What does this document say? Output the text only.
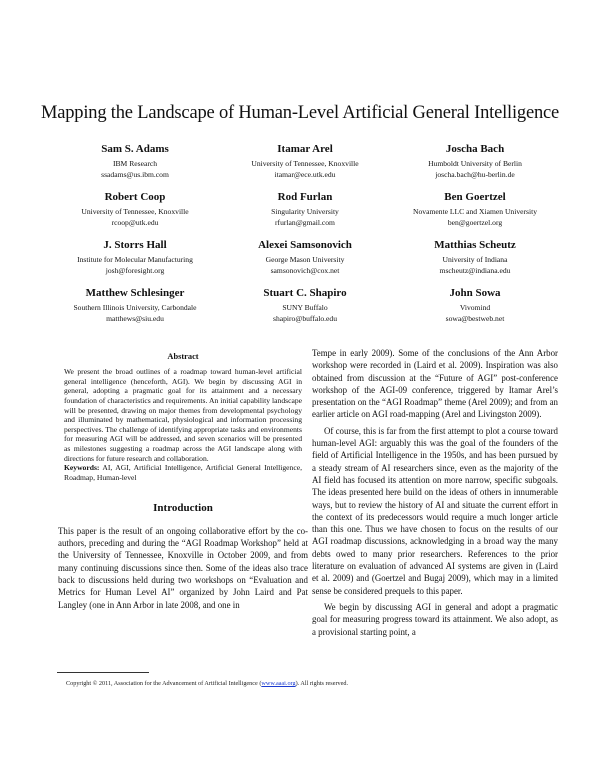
Mapping the Landscape of Human-Level Artificial General Intelligence
Sam S. Adams
IBM Research
ssadams@us.ibm.com
Itamar Arel
University of Tennessee, Knoxville
itamar@ece.utk.edu
Joscha Bach
Humboldt University of Berlin
joscha.bach@hu-berlin.de
Robert Coop
University of Tennessee, Knoxville
rcoop@utk.edu
Rod Furlan
Singularity University
rfurlan@gmail.com
Ben Goertzel
Novamente LLC and Xiamen University
ben@goertzel.org
J. Storrs Hall
Institute for Molecular Manufacturing
josh@foresight.org
Alexei Samsonovich
George Mason University
samsonovich@cox.net
Matthias Scheutz
University of Indiana
mscheutz@indiana.edu
Matthew Schlesinger
Southern Illinois University, Carbondale
matthews@siu.edu
Stuart C. Shapiro
SUNY Buffalo
shapiro@buffalo.edu
John Sowa
Vivomind
sowa@bestweb.net
Abstract

We present the broad outlines of a roadmap toward human-level artificial general intelligence (henceforth, AGI). We begin by discussing AGI in general, adopting a pragmatic goal for its attainment and a necessary foundation of characteristics and requirements. An initial capability landscape will be presented, drawing on major themes from developmental psychology and illuminated by mathematical, physiological and information processing perspectives. The challenge of identifying appropriate tasks and environments for measuring AGI will be addressed, and seven scenarios will be presented as milestones suggesting a roadmap across the AGI landscape along with directions for future research and collaboration.

Keywords: AI, AGI, Artificial Intelligence, Artificial General Intelligence, Roadmap, Human-level

Introduction

This paper is the result of an ongoing collaborative effort by the co-authors, preceding and during the “AGI Roadmap Workshop” held at the University of Tennessee, Knoxville in October 2009, and from many continuing discussions since then. Some of the ideas also trace back to discussions held during two workshops on “Evaluation and Metrics for Human Level AI” organized by John Laird and Pat Langley (one in Ann Arbor in late 2008, and one in

Tempe in early 2009). Some of the conclusions of the Ann Arbor workshop were recorded in (Laird et al. 2009). Inspiration was also obtained from discussion at the “Future of AGI” post-conference workshop of the AGI-09 conference, triggered by Itamar Arel’s presentation on the “AGI Roadmap” theme (Arel 2009); and from an earlier article on AGI road-mapping (Arel and Livingston 2009).

Of course, this is far from the first attempt to plot a course toward human-level AGI: arguably this was the goal of the founders of the field of Artificial Intelligence in the 1950s, and has been pursued by a steady stream of AI researchers since, even as the majority of the AI field has focused its attention on more narrow, specific subgoals. The ideas presented here build on the ideas of others in innumerable ways, but to review the history of AI and situate the current effort in the context of its predecessors would require a much longer article than this one. Thus we have chosen to focus on the results of our AGI roadmap discussions, acknowledging in a broad way the many debts owed to many prior researchers. References to the prior literature on evaluation of advanced AI systems are given in (Laird et al. 2009) and (Goertzel and Bugaj 2009), which may in a limited sense be considered prequels to this paper.

We begin by discussing AGI in general and adopt a pragmatic goal for measuring progress toward its attainment. We also adopt, as a provisional starting point, a

Copyright © 2011, Association for the Advancement of Artificial Intelligence (www.aaai.org). All rights reserved.
